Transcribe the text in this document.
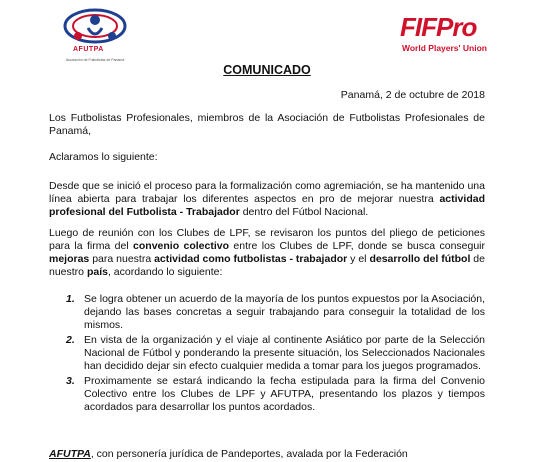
AFUTPA
Asociación de Futbolistas de Panamá
FIFPro
World Players' Union
COMUNICADO
Panamá, 2 de octubre de 2018
Los Futbolistas Profesionales, miembros de la Asociación de Futbolistas Profesionales de Panamá,
Aclaramos lo siguiente:
Desde que se inició el proceso para la formalización como agremiación, se ha mantenido una línea abierta para trabajar los diferentes aspectos en pro de mejorar nuestra actividad profesional del Futbolista - Trabajador dentro del Fútbol Nacional.
Luego de reunión con los Clubes de LPF, se revisaron los puntos del pliego de peticiones para la firma del convenio colectivo entre los Clubes de LPF, donde se busca conseguir mejoras para nuestra actividad como futbolistas - trabajador y el desarrollo del fútbol de nuestro país, acordando lo siguiente:
1. Se logra obtener un acuerdo de la mayoría de los puntos expuestos por la Asociación, dejando las bases concretas a seguir trabajando para conseguir la totalidad de los mismos.
2. En vista de la organización y el viaje al continente Asiático por parte de la Selección Nacional de Fútbol y ponderando la presente situación, los Seleccionados Nacionales han decidido dejar sin efecto cualquier medida a tomar para los juegos programados.
3. Proximamente se estará indicando la fecha estipulada para la firma del Convenio Colectivo entre los Clubes de LPF y AFUTPA, presentando los plazos y tiempos acordados para desarrollar los puntos acordados.
AFUTPA, con personería jurídica de Pandeportes, avalada por la Federación
